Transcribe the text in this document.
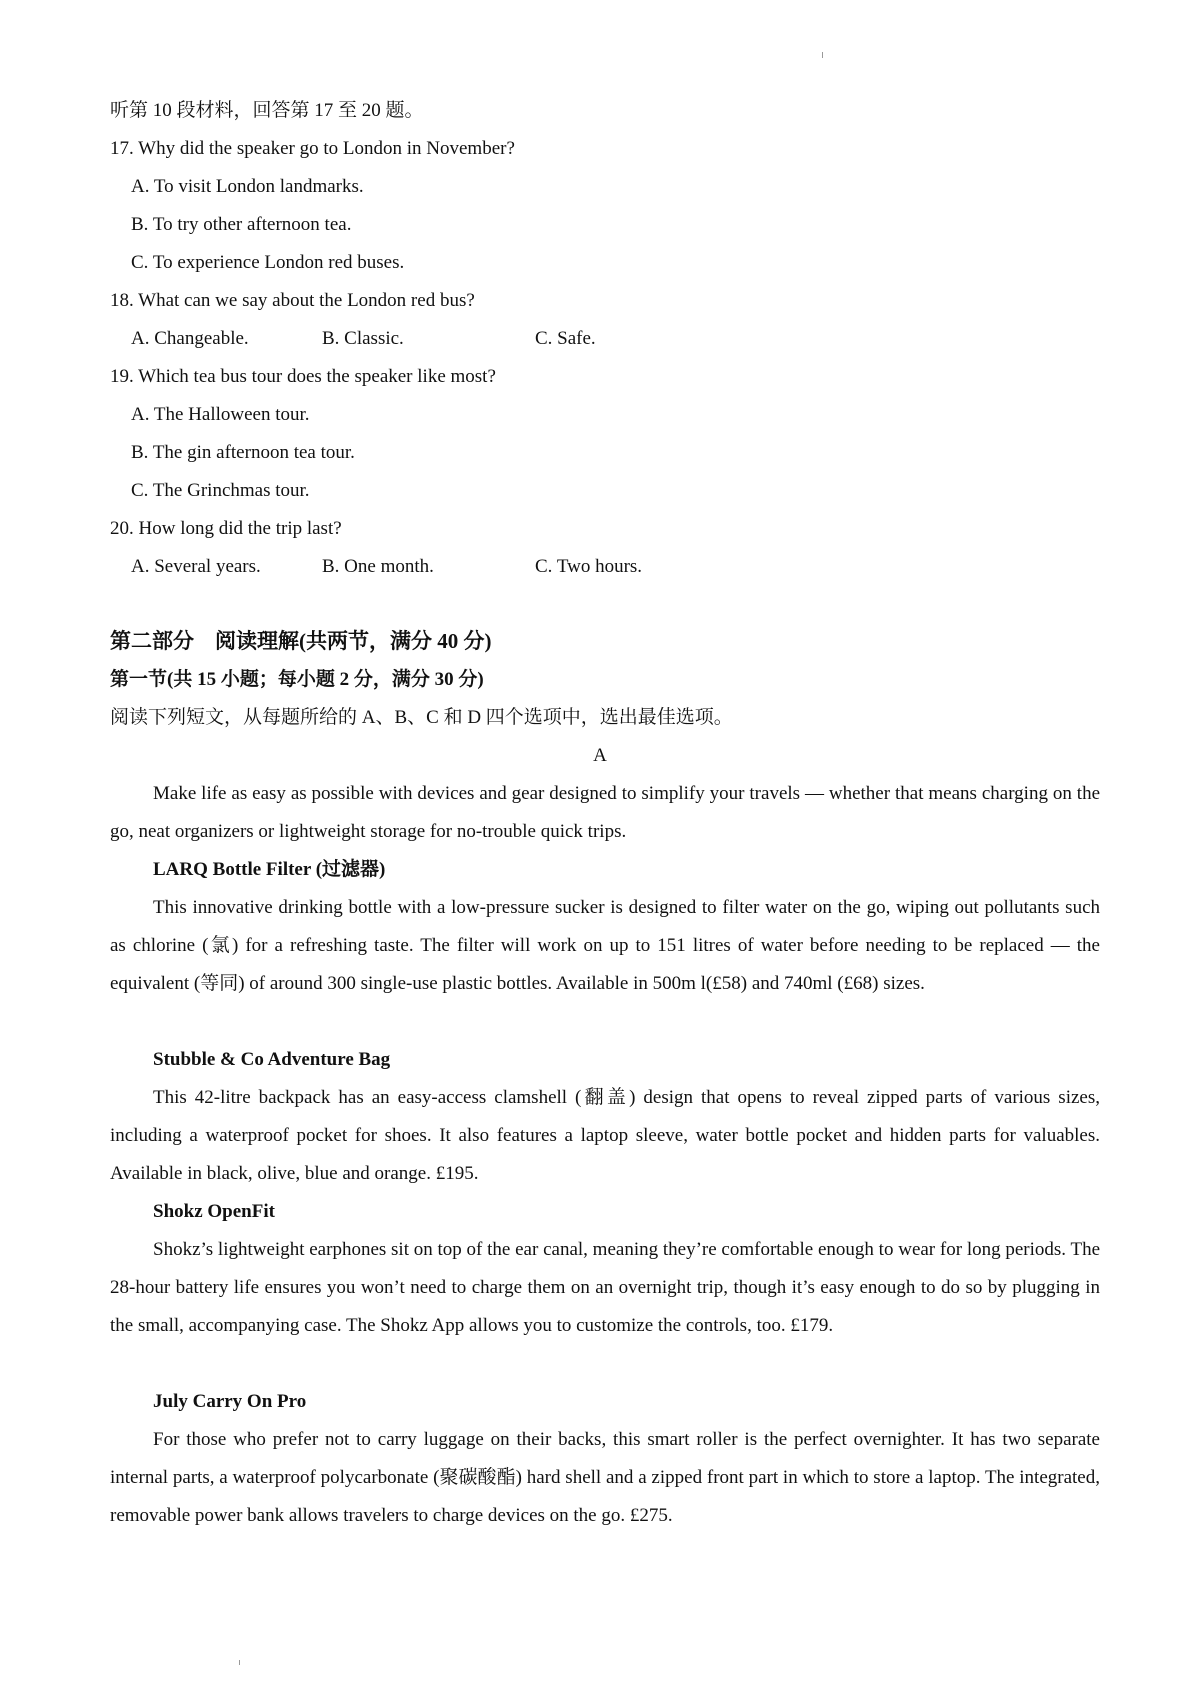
听第 10 段材料，回答第 17 至 20 题。
17. Why did the speaker go to London in November?
A. To visit London landmarks.
B. To try other afternoon tea.
C. To experience London red buses.
18. What can we say about the London red bus?
A. Changeable.	B. Classic.	C. Safe.
19. Which tea bus tour does the speaker like most?
A. The Halloween tour.
B. The gin afternoon tea tour.
C. The Grinchmas tour.
20. How long did the trip last?
A. Several years.	B. One month.	C. Two hours.
第二部分　阅读理解(共两节，满分 40 分)
第一节(共 15 小题；每小题 2 分，满分 30 分)
阅读下列短文，从每题所给的 A、B、C 和 D 四个选项中，选出最佳选项。
A
Make life as easy as possible with devices and gear designed to simplify your travels — whether that means charging on the go, neat organizers or lightweight storage for no-trouble quick trips.
LARQ Bottle Filter (过滤器)
This innovative drinking bottle with a low-pressure sucker is designed to filter water on the go, wiping out pollutants such as chlorine (氯) for a refreshing taste. The filter will work on up to 151 litres of water before needing to be replaced — the equivalent (等同) of around 300 single-use plastic bottles. Available in 500m l(£58) and 740ml (£68) sizes.
Stubble & Co Adventure Bag
This 42-litre backpack has an easy-access clamshell (翻盖) design that opens to reveal zipped parts of various sizes, including a waterproof pocket for shoes. It also features a laptop sleeve, water bottle pocket and hidden parts for valuables. Available in black, olive, blue and orange. £195.
Shokz OpenFit
Shokz’s lightweight earphones sit on top of the ear canal, meaning they’re comfortable enough to wear for long periods. The 28-hour battery life ensures you won’t need to charge them on an overnight trip, though it’s easy enough to do so by plugging in the small, accompanying case. The Shokz App allows you to customize the controls, too. £179.
July Carry On Pro
For those who prefer not to carry luggage on their backs, this smart roller is the perfect overnighter. It has two separate internal parts, a waterproof polycarbonate (聚碳酸酯) hard shell and a zipped front part in which to store a laptop. The integrated, removable power bank allows travelers to charge devices on the go. £275.
